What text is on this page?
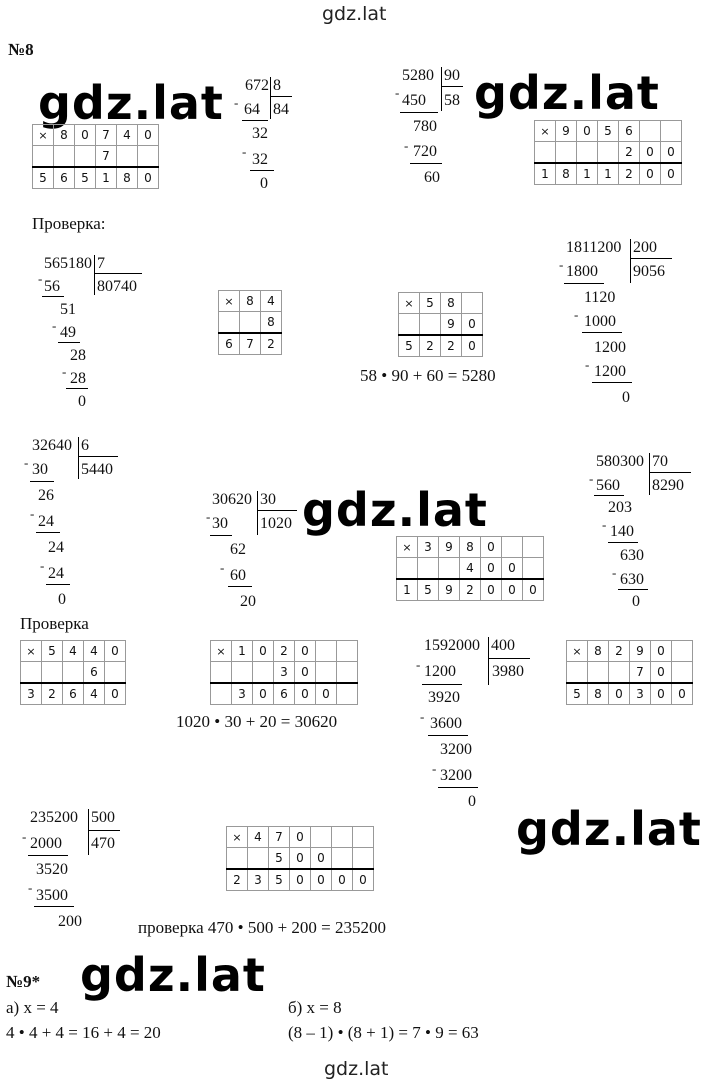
gdz.lat
gdz.lat
gdz.lat	gdz.lat
gdz.lat
gdz.lat
gdz.lat
№8
Проверка:
Проверка
672 8
84
- 64
32
- 32
0
5280 90
58
- 450
780
- 720
60
×	8	0	7	4	0
			7		
5	6	5	1	8	0
×	9	0	5	6		
				2	0	0
1	8	1	1	2	0	0
565180 7
80740
- 56
51
- 49
28
- 28
0
×	8	4
		8
6	7	2
×	5	8	
		9	0
5	2	2	0
58 • 90 + 60 = 5280
1811200 200
9056
- 1800
1120
- 1000
1200
- 1200
0
32640 6
5440
- 30
26
- 24
24
- 24
0
30620 30
1020
- 30
62
- 60
20
×	3	9	8	0		
			4	0	0	
1	5	9	2	0	0	0
580300 70
8290
- 560
203
- 140
630
- 630
0
×	5	4	4	0
			6	
3	2	6	4	0
×	1	0	2	0		
			3	0		
	3	0	6	0	0	
1020 • 30 + 20 = 30620
1592000 400
3980
- 1200
3920
- 3600
3200
- 3200
0
×	8	2	9	0	
			7	0	
5	8	0	3	0	0
235200 500
470
- 2000
3520
- 3500
200
×	4	7	0			
		5	0	0		
2	3	5	0	0	0	0
проверка 470 • 500 + 200 = 235200
№9*
а) x = 4
4 • 4 + 4 = 16 + 4 = 20
б) x = 8
(8 – 1) • (8 + 1) = 7 • 9 = 63
